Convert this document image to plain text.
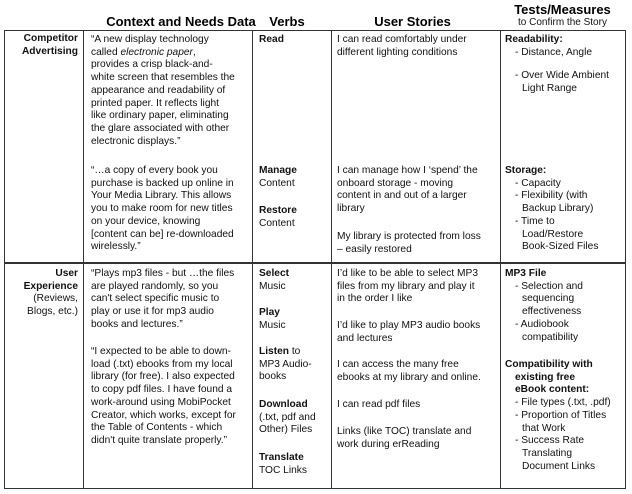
Context and Needs Data	Verbs	User Stories
Tests/Measures
to Confirm the Story

Competitor

Advertising

“A new display technology

called electronic paper,

provides a crisp black-and-

white screen that resembles the

appearance and readability of

printed paper. It reflects light

like ordinary paper, eliminating

the glare associated with other

electronic displays.”

“…a copy of every book you

purchase is backed up online in

Your Media Library. This allows

you to make room for new titles

on your device, knowing

[content can be] re-downloaded

wirelessly.”

Read

Manage

Content

Restore

Content

I can read comfortably under

different lighting conditions

I can manage how I ‘spend’ the

onboard storage - moving

content in and out of a larger

library

My library is protected from loss

– easily restored

Readability:

- Distance, Angle

- Over Wide Ambient

Light Range

Storage:

- Capacity

- Flexibility (with

Backup Library)

- Time to

Load/Restore

Book-Sized Files

User

Experience

(Reviews,

Blogs, etc.)

“Plays mp3 files - but …the files

are played randomly, so you

can't select specific music to

play or use it for mp3 audio

books and lectures.”

“I expected to be able to down-

load (.txt) ebooks from my local

library (for free). I also expected

to copy pdf files. I have found a

work-around using MobiPocket

Creator, which works, except for

the Table of Contents - which

didn't quite translate properly.”

Select

Music

Play

Music

Listen to

MP3 Audio-

books

Download

(.txt, pdf and

Other) Files

Translate

TOC Links

I’d like to be able to select MP3

files from my library and play it

in the order I like

I’d like to play MP3 audio books

and lectures

I can access the many free

ebooks at my library and online.

I can read pdf files

Links (like TOC) translate and

work during erReading

MP3 File

- Selection and

sequencing

effectiveness

- Audiobook

compatibility

Compatibility with

existing free

eBook content:

- File types (.txt, .pdf)

- Proportion of Titles

that Work

- Success Rate

Translating

Document Links
